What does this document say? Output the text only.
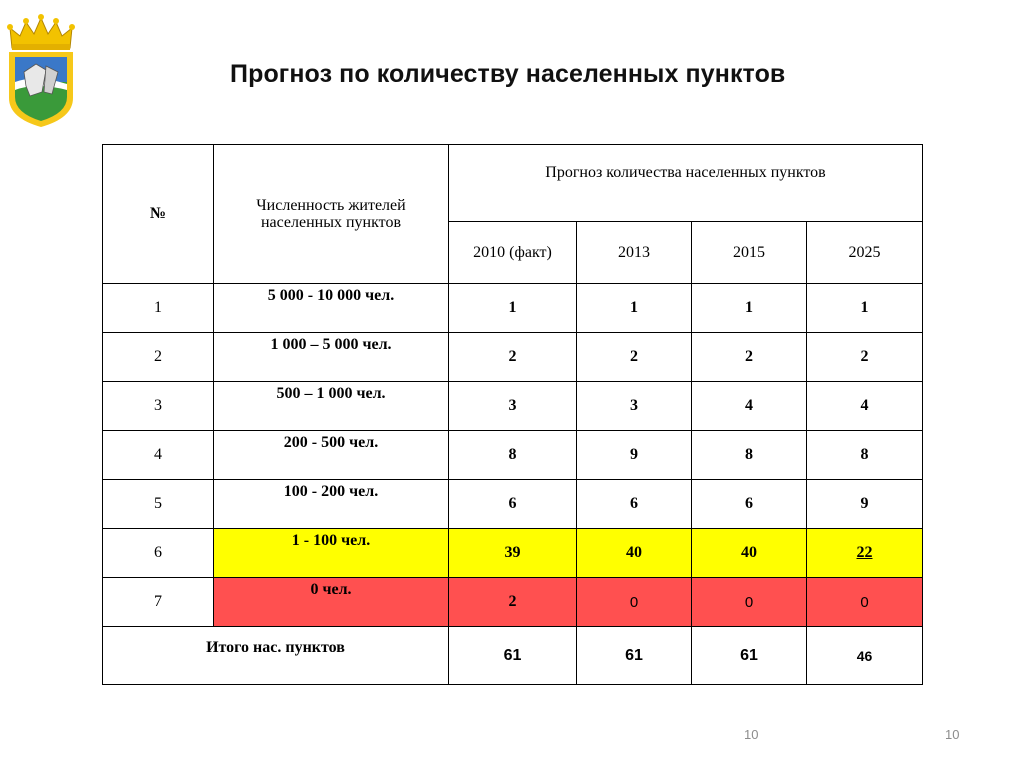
Прогноз по количеству населенных пунктов
№	Численность жителей населенных пунктов	Прогноз количества населенных пунктов			
		2010 (факт)	2013	2015	2025
1	5 000 - 10 000 чел.	1	1	1	1
2	1 000 – 5 000 чел.	2	2	2	2
3	500 – 1 000 чел.	3	3	4	4
4	200 - 500 чел.	8	9	8	8
5	100 - 200 чел.	6	6	6	9
6	1 - 100 чел.	39	40	40	22
7	0 чел.	2	0	0	0
Итого нас. пунктов		61	61	61	46
10	10
